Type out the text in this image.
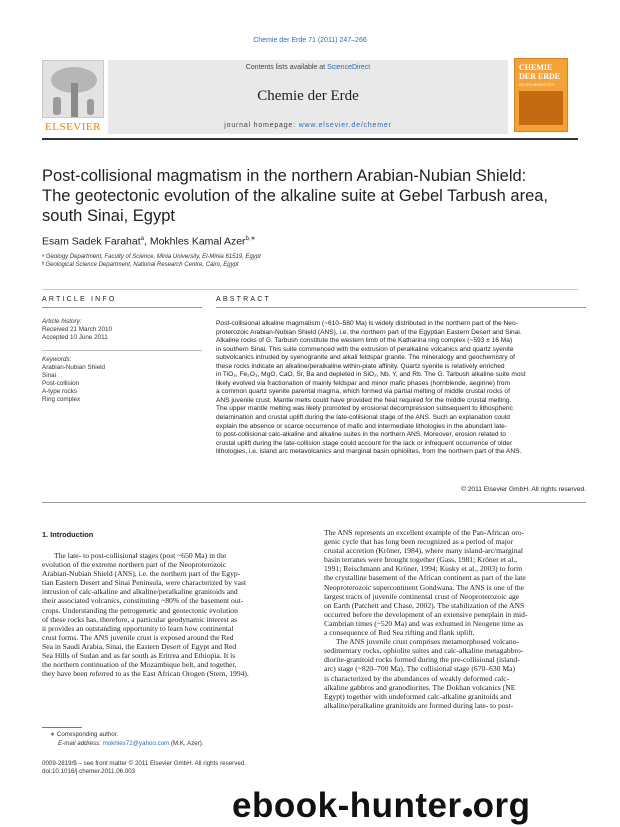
Chemie der Erde 71 (2011) 247–266
ELSEVIER
Contents lists available at ScienceDirect
Chemie der Erde
journal homepage: www.elsevier.de/chemer
CHEMIE
DER ERDE
GEOCHEMISTRY
Post-collisional magmatism in the northern Arabian-Nubian Shield:
The geotectonic evolution of the alkaline suite at Gebel Tarbush area,
south Sinai, Egypt
Esam Sadek Farahat$^a$, Mokhles Kamal Azer$^{b,∗}$
ᵃ Geology Department, Faculty of Science, Minia University, El-Minia 61519, Egypt
ᵇ Geological Science Department, National Research Centre, Cairo, Egypt
ARTICLE INFO	ABSTRACT
Article history:
Received 21 March 2010
Accepted 10 June 2011
Keywords:
Arabian-Nubian Shield
Sinai
Post-collision
A-type rocks
Ring complex
Post-collisional alkaline magmatism (~610–580 Ma) is widely distributed in the northern part of the Neo-
proterozoic Arabian-Nubian Shield (ANS), i.e. the northern part of the Egyptian Eastern Desert and Sinai.
Alkaline rocks of G. Tarbush constitute the western limb of the Katharina ring complex (~593 ± 16 Ma)
in southern Sinai. This suite commenced with the extrusion of peralkaline volcanics and quartz syenite
subvolcanics intruded by syenogranite and alkali feldspar granite. The mineralogy and geochemistry of
these rocks indicate an alkaline/peralkaline within-plate affinity. Quartz syenite is relatively enriched
in TiO₂, Fe₂O₃, MgO, CaO, Sr, Ba and depleted in SiO₂, Nb, Y, and Rb. The G. Tarbush alkaline suite most
likely evolved via fractionation of mainly feldspar and minor mafic phases (hornblende, aegirine) from
a common quartz syenite parental magma, which formed via partial melting of middle crustal rocks of
ANS juvenile crust. Mantle melts could have provided the heat required for the middle crustal melting.
The upper mantle melting was likely promoted by erosional decompression subsequent to lithospheric
delamination and crustal uplift during the late-collisional stage of the ANS. Such an explanation could
explain the absence or scarce occurrence of mafic and intermediate lithologies in the abundant late-
to post-collisional calc-alkaline and alkaline suites in the northern ANS. Moreover, erosion related to
crustal uplift during the late-collision stage could account for the lack or infrequent occurrence of older
lithologies, i.e. island arc metavolcanics and marginal basin ophiolites, from the northern part of the ANS.
© 2011 Elsevier GmbH. All rights reserved.
1. Introduction
The late- to post-collisional stages (post ~650 Ma) in the
evolution of the extreme northern part of the Neoproterozoic
Arabian-Nubian Shield (ANS), i.e. the northern part of the Egyp-
tian Eastern Desert and Sinai Peninsula, were characterized by vast
intrusion of calc-alkaline and alkaline/peralkaline granitoids and
their associated volcanics, constituting ~80% of the basement out-
crops. Understanding the petrogenetic and geotectonic evolution
of these rocks has, therefore, a particular geodynamic interest as
it provides an outstanding opportunity to learn how continental
crust forms. The ANS juvenile crust is exposed around the Red
Sea in Saudi Arabia, Sinai, the Eastern Desert of Egypt and Red
Sea Hills of Sudan and as far south as Eritrea and Ethiopia. It is
the northern continuation of the Mozambique belt, and together,
they have been referred to as the East African Orogen (Stern, 1994).
The ANS represents an excellent example of the Pan-African oro-
genic cycle that has long been recognized as a period of major
crustal accretion (Kröner, 1984), where many island-arc/marginal
basin terranes were brought together (Gass, 1981; Kröner et al.,
1991; Reischmann and Kröner, 1994; Kusky et al., 2003) to form
the crystalline basement of the African continent as part of the late
Neoproterozoic supercontinent Gondwana. The ANS is one of the
largest tracts of juvenile continental crust of Neoproterozoic age
on Earth (Patchett and Chase, 2002). The stabilization of the ANS
occurred before the development of an extensive peneplain in mid-
Cambrian times (~520 Ma) and was exhumed in Neogene time as
a consequence of Red Sea rifting and flank uplift.
The ANS juvenile crust comprises metamorphosed volcano-
sedimentary rocks, ophiolite suites and calc-alkaline metagabbro-
diorite-granitoid rocks formed during the pre-collisional (island-
arc) stage (~820–700 Ma). The collisional stage (670–630 Ma)
is characterized by the abundances of weakly deformed calc-
alkaline gabbros and granodiorites. The Dokhan volcanics (NE
Egypt) together with undeformed calc-alkaline granitoids and
alkaline/peralkaline granitoids are formed during late- to post-
∗ Corresponding author.
E-mail address: mokhles72@yahoo.com (M.K. Azer).
0009-2819/$ – see front matter © 2011 Elsevier GmbH. All rights reserved.
doi:10.1016/j.chemer.2011.06.003
ebook-hunter org
